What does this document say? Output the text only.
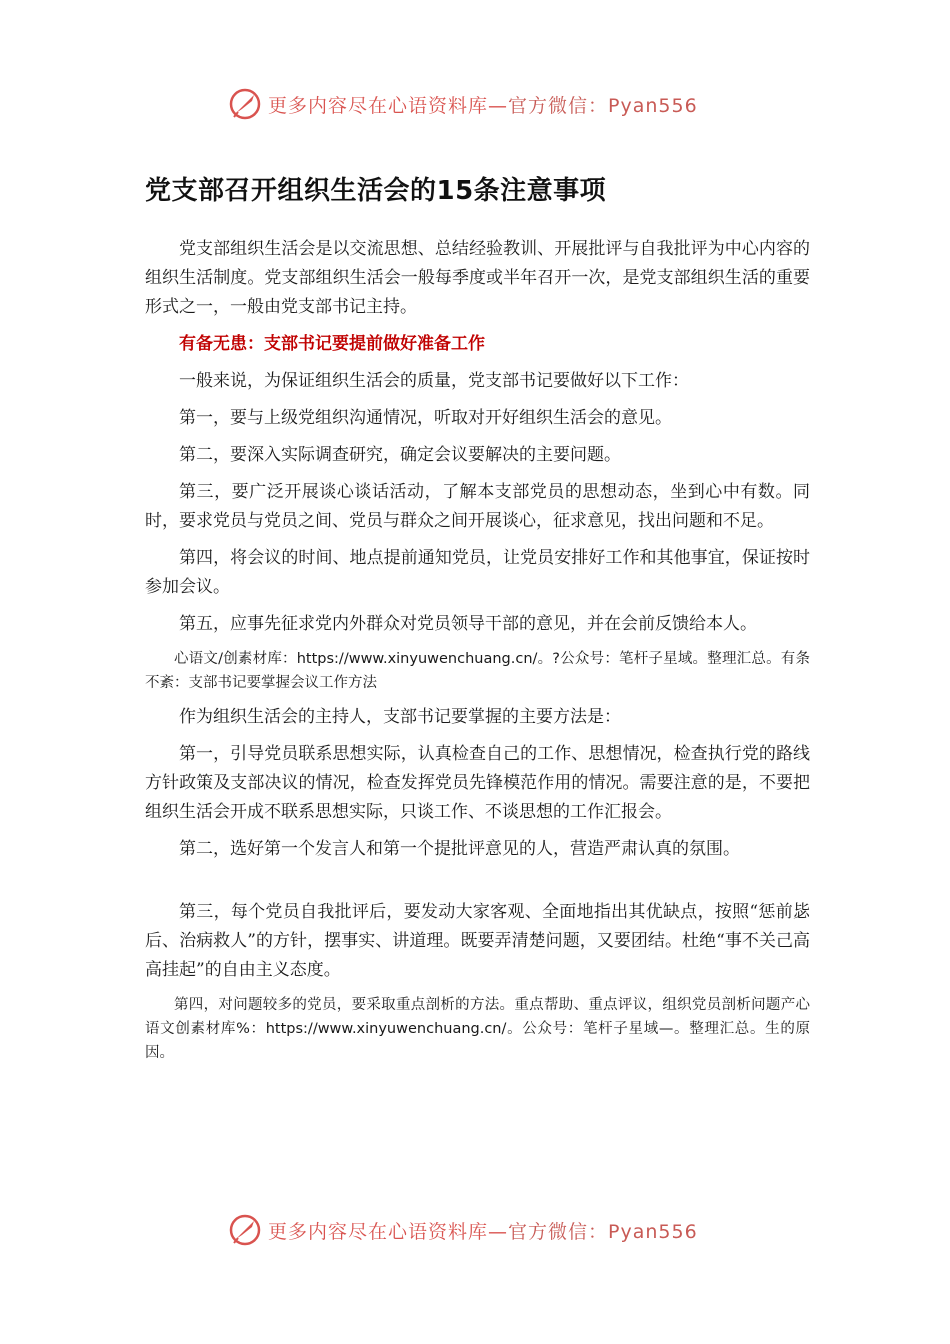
更多内容尽在心语资料库—官方微信：Pyan556
党支部召开组织生活会的15条注意事项

党支部组织生活会是以交流思想、总结经验教训、开展批评与自我批评为中心内容的组织生活制度。党支部组织生活会一般每季度或半年召开一次，是党支部组织生活的重要形式之一，一般由党支部书记主持。

有备无患：支部书记要提前做好准备工作

一般来说，为保证组织生活会的质量，党支部书记要做好以下工作：

第一，要与上级党组织沟通情况，听取对开好组织生活会的意见。

第二，要深入实际调查研究，确定会议要解决的主要问题。

第三，要广泛开展谈心谈话活动，了解本支部党员的思想动态，坐到心中有数。同时，要求党员与党员之间、党员与群众之间开展谈心，征求意见，找出问题和不足。

第四，将会议的时间、地点提前通知党员，让党员安排好工作和其他事宜，保证按时参加会议。

第五，应事先征求党内外群众对党员领导干部的意见，并在会前反馈给本人。

心语文/创素材库：https://www.xinyuwenchuang.cn/。?公众号：笔杆子星域。整理汇总。有条不紊：支部书记要掌握会议工作方法

作为组织生活会的主持人，支部书记要掌握的主要方法是：

第一，引导党员联系思想实际，认真检查自己的工作、思想情况，检查执行党的路线方针政策及支部决议的情况，检查发挥党员先锋模范作用的情况。需要注意的是，不要把组织生活会开成不联系思想实际，只谈工作、不谈思想的工作汇报会。

第二，选好第一个发言人和第一个提批评意见的人，营造严肃认真的氛围。

第三，每个党员自我批评后，要发动大家客观、全面地指出其优缺点，按照“惩前毖后、治病救人”的方针，摆事实、讲道理。既要弄清楚问题，又要团结。杜绝“事不关己高高挂起”的自由主义态度。

第四，对问题较多的党员，要采取重点剖析的方法。重点帮助、重点评议，组织党员剖析问题产心语文创素材库%：https://www.xinyuwenchuang.cn/。公众号：笔杆子星域—。整理汇总。生的原因。

更多内容尽在心语资料库—官方微信：Pyan556
